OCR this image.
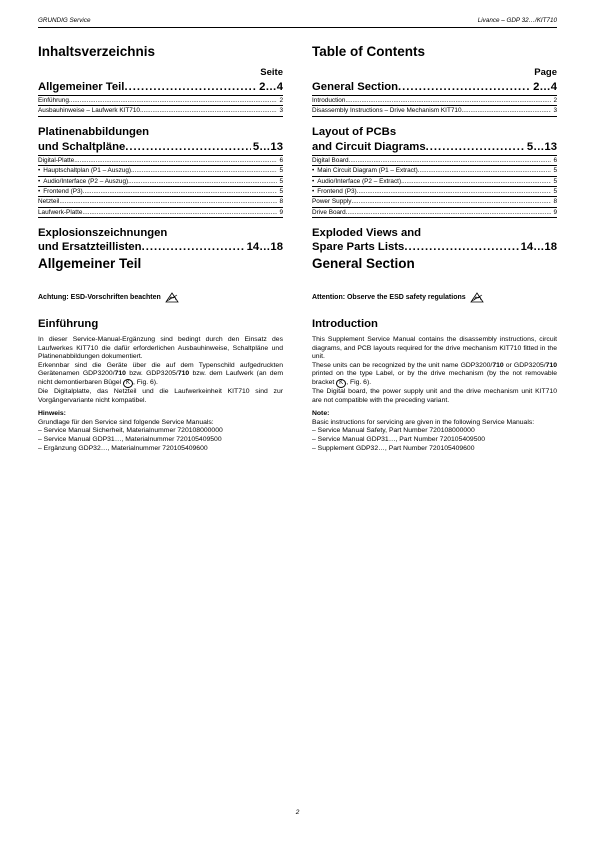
GRUNDIG Service	Livance – GDP 32…/KIT710
Inhaltsverzeichnis
Seite
Allgemeiner Teil .....	2…4
Einführung .....	2
Ausbauhinweise – Laufwerk KIT710 .....	3
Platinenabbildungen
und Schaltpläne .....	5…13
Digital-Platte .....	6
• Hauptschaltplan (P1 – Auszug) .....	5
• Audio/Interface (P2 – Auszug) .....	5
• Frontend (P3) .....	5
Netzteil .....	8
Laufwerk-Platte .....	9
Explosionszeichnungen
und Ersatzteillisten .....	14…18
Table of Contents
Page
General Section .....	2…4
Introduction .....	2
Disassembly Instructions – Drive Mechanism KIT710 .....	3
Layout of PCBs
and Circuit Diagrams .....	5…13
Digital Board .....	6
• Main Circuit Diagram (P1 – Extract) .....	5
• Audio/Interface (P2 – Extract) .....	5
• Frontend (P3) .....	5
Power Supply .....	8
Drive Board .....	9
Exploded Views and
Spare Parts Lists .....	14…18
Allgemeiner Teil
Achtung: ESD-Vorschriften beachten
Einführung

In dieser Service-Manual-Ergänzung sind bedingt durch den Einsatz des Laufwerkes KIT710 die dafür erforderlichen Ausbauhinweise, Schaltpläne und Platinenabbildungen dokumentiert.

Erkennbar sind die Geräte über die auf dem Typenschild aufgedruckten Gerätenamen GDP3200/710 bzw. GDP3205/710 bzw. dem Laufwerk (an dem nicht demontierbaren Bügel K , Fig. 6).

Die Digitalplatte, das Netzteil und die Laufwerkeinheit KIT710 sind zur Vorgängervariante nicht kompatibel.

Hinweis:

Grundlage für den Service sind folgende Service Manuals:

– Service Manual Sicherheit, Materialnummer 720108000000
– Service Manual GDP31…, Materialnummer 720105409500
– Ergänzung GDP32…, Materialnummer 720105409600
General Section
Attention: Observe the ESD safety regulations
Introduction

This Supplement Service Manual contains the disassembly instructions, circuit diagrams, and PCB layouts required for the drive mechanism KIT710 fitted in the unit.

These units can be recognized by the unit name GDP3200/710 or GDP3205/710 printed on the type Label, or by the drive mechanism (by the not removable bracket K , Fig. 6).

The Digital board, the power supply unit and the drive mechanism unit KIT710 are not compatible with the preceding variant.

Note:

Basic instructions for servicing are given in the following Service Manuals:

– Service Manual Safety, Part Number 720108000000
– Service Manual GDP31…, Part Number 720105409500
– Supplement GDP32…, Part Number 720105409600
2
